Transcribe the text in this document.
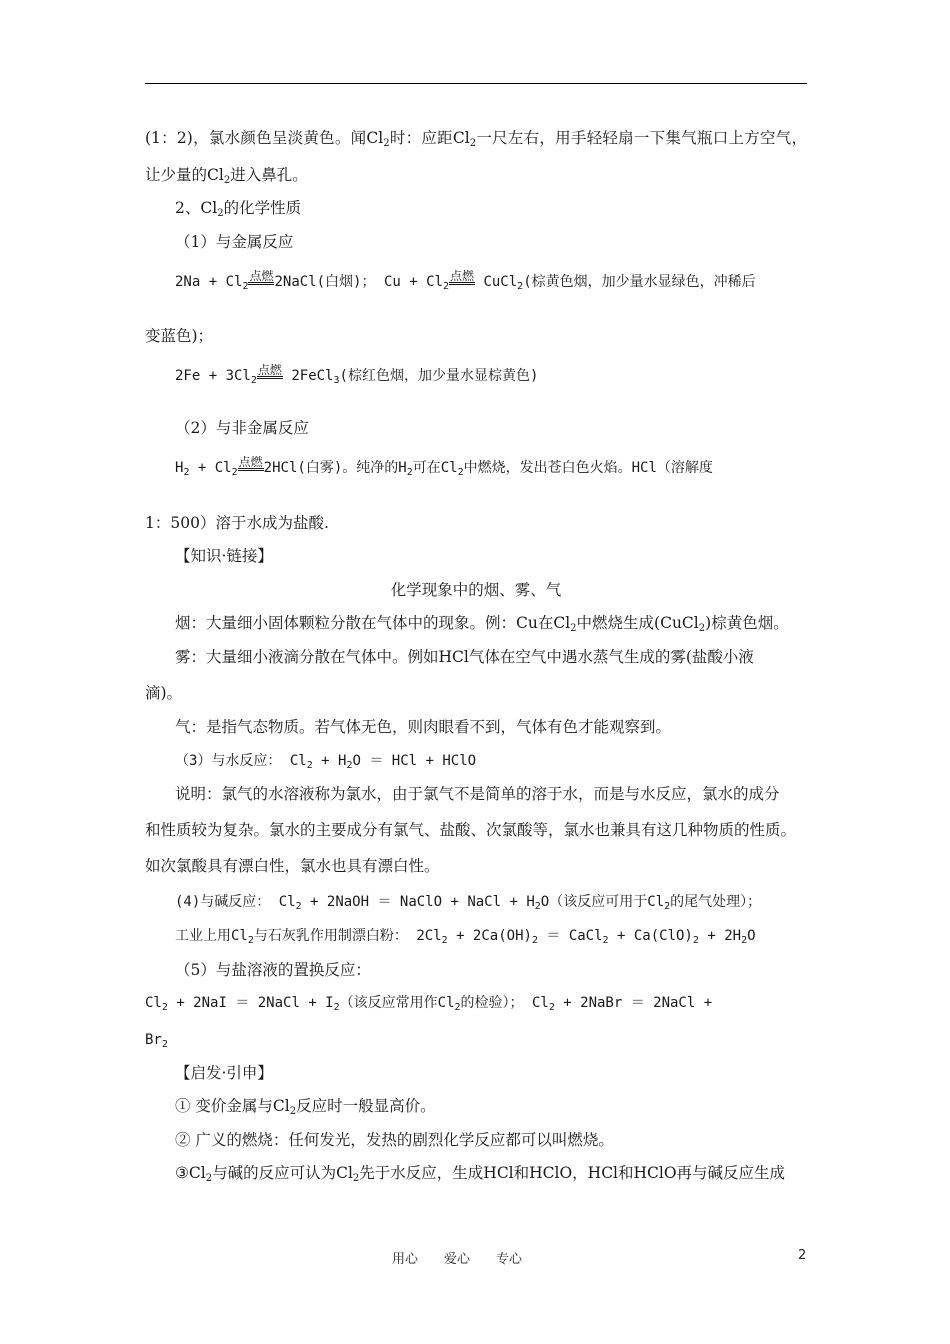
(1：2)，氯水颜色呈淡黄色。闻$Cl_2$时：应距$Cl_2$一尺左右，用手轻轻扇一下集气瓶口上方空气，
让少量的$Cl_2$进入鼻孔。
2、$Cl_2$的化学性质
（1）与金属反应
$2Na + Cl_2$点燃2NaCl(白烟)； $Cu + Cl_2$点燃 CuCl$_2$(棕黄色烟，加少量水显绿色，冲稀后
变蓝色)；
$2Fe + 3Cl_2$点燃 2FeCl$_3$(棕红色烟，加少量水显棕黄色)
（2）与非金属反应
$H_2 + Cl_2$点燃2HCl(白雾)。纯净的$H_2$可在$Cl_2$中燃烧，发出苍白色火焰。HCl（溶解度
1：500）溶于水成为盐酸.
【知识·链接】
化学现象中的烟、雾、气
烟：大量细小固体颗粒分散在气体中的现象。例：Cu在$Cl_2$中燃烧生成(CuCl$_2$)棕黄色烟。
雾：大量细小液滴分散在气体中。例如HCl气体在空气中遇水蒸气生成的雾(盐酸小液
滴)。
气：是指气态物质。若气体无色，则肉眼看不到，气体有色才能观察到。
（3）与水反应： $Cl_2 + H_2O$ ＝ HCl + HClO
说明：氯气的水溶液称为氯水，由于氯气不是简单的溶于水，而是与水反应，氯水的成分
和性质较为复杂。氯水的主要成分有氯气、盐酸、次氯酸等，氯水也兼具有这几种物质的性质。
如次氯酸具有漂白性，氯水也具有漂白性。
(4)与碱反应： $Cl_2$ + 2NaOH ＝ NaClO + NaCl + $H_2O$（该反应可用于$Cl_2$的尾气处理）；
工业上用$Cl_2$与石灰乳作用制漂白粉： $2Cl_2 + 2Ca(OH)_2$ ＝ CaCl$_2$ + $Ca(ClO)_2 + 2H_2O$
（5）与盐溶液的置换反应：
$Cl_2 + 2NaI$ ＝ 2NaCl + $I_2$（该反应常用作$Cl_2$的检验）； $Cl_2$ + 2NaBr ＝ 2NaCl +
$Br_2$
【启发·引申】
① 变价金属与$Cl_2$反应时一般显高价。
② 广义的燃烧：任何发光，发热的剧烈化学反应都可以叫燃烧。
$③Cl_2$与碱的反应可认为$Cl_2$先于水反应，生成HCl和HClO，HCl和HClO再与碱反应生成
用心　　爱心　　专心	2
